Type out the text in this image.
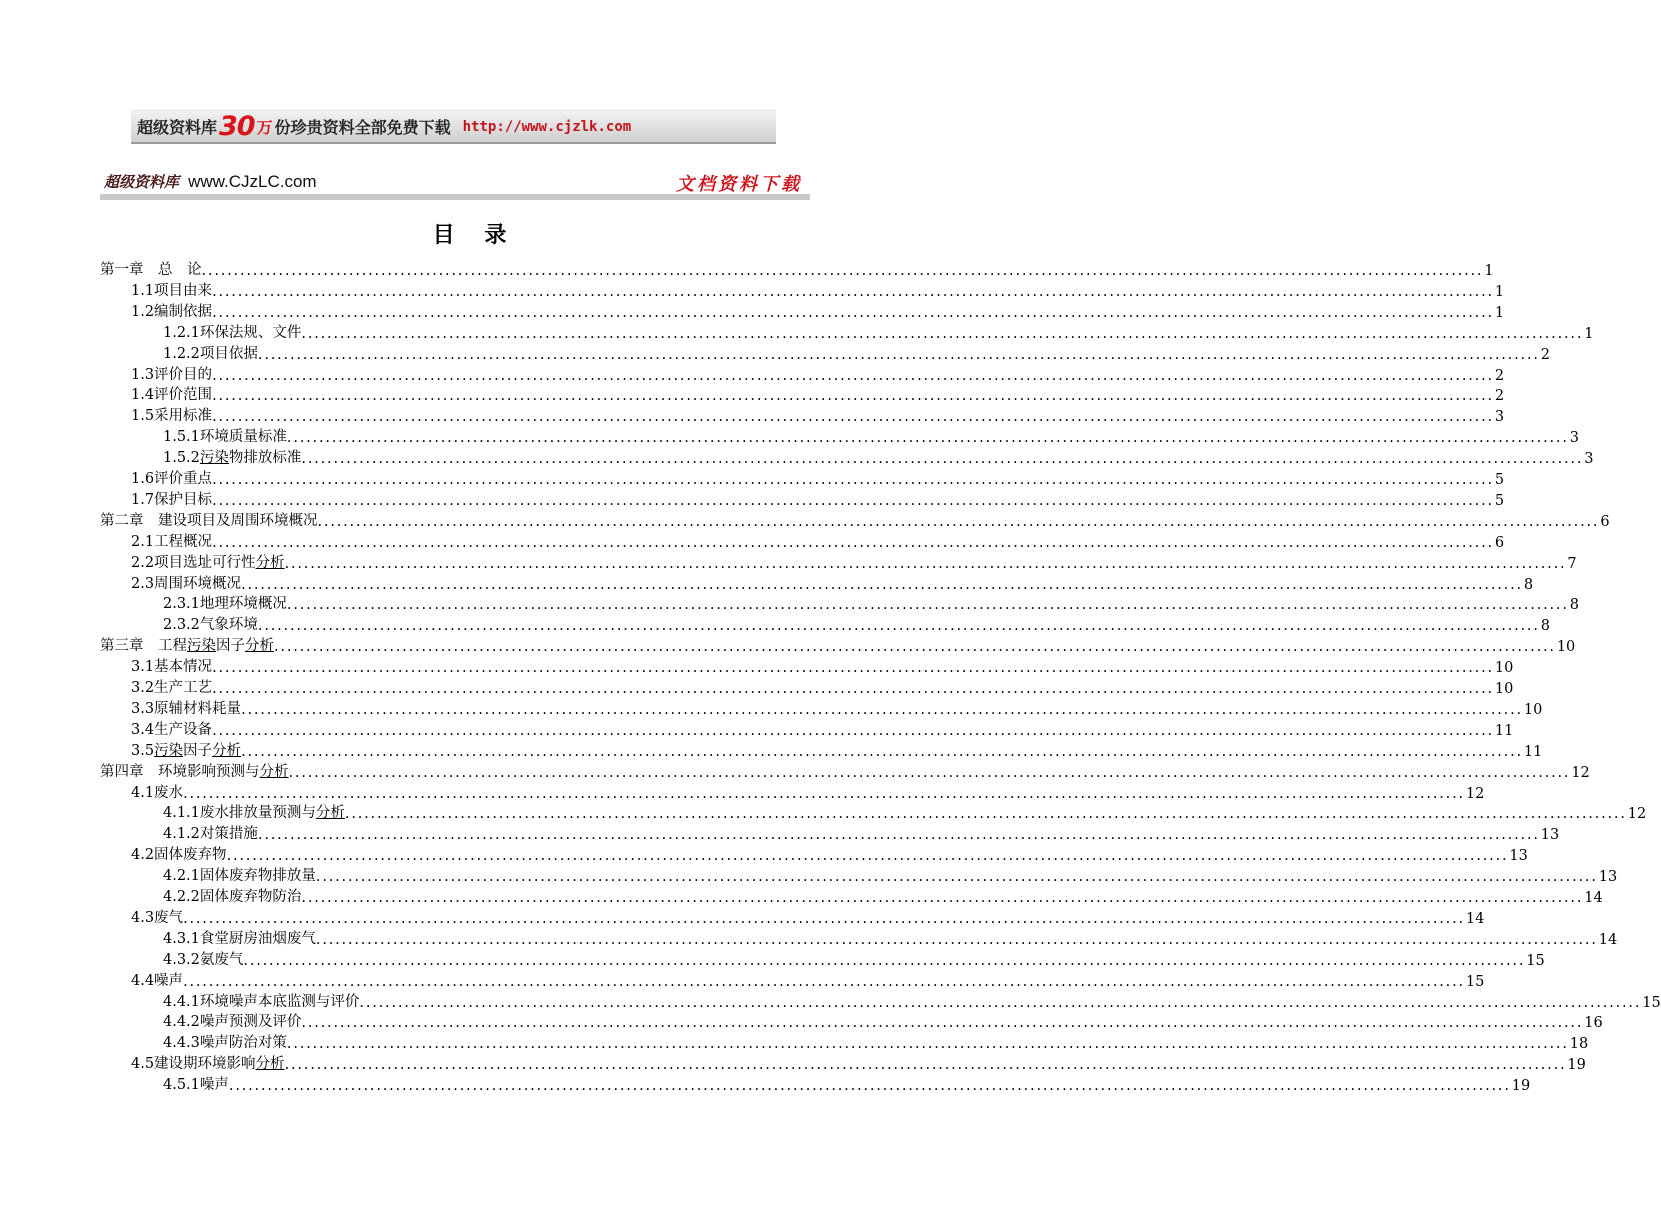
超级资料库 30 万 份珍贵资料全部免费下载 http://www.cjzlk.com
超级资料库 www.CJzLC.com	文档资料下载
目 录
第一章　总　论 ........................................................................................................................................................................................................ 1
1.1项目由来 ........................................................................................................................................................................................................ 1
1.2编制依据 ........................................................................................................................................................................................................ 1
1.2.1环保法规、文件 ........................................................................................................................................................................................................ 1
1.2.2项目依据 ........................................................................................................................................................................................................ 2
1.3评价目的 ........................................................................................................................................................................................................ 2
1.4评价范围 ........................................................................................................................................................................................................ 2
1.5采用标准 ........................................................................................................................................................................................................ 3
1.5.1环境质量标准 ........................................................................................................................................................................................................ 3
1.5.2污染物排放标准 ........................................................................................................................................................................................................ 3
1.6评价重点 ........................................................................................................................................................................................................ 5
1.7保护目标 ........................................................................................................................................................................................................ 5
第二章　建设项目及周围环境概况 ........................................................................................................................................................................................................ 6
2.1工程概况 ........................................................................................................................................................................................................ 6
2.2项目选址可行性分析 ........................................................................................................................................................................................................ 7
2.3周围环境概况 ........................................................................................................................................................................................................ 8
2.3.1地理环境概况 ........................................................................................................................................................................................................ 8
2.3.2气象环境 ........................................................................................................................................................................................................ 8
第三章　工程污染因子分析 ........................................................................................................................................................................................................ 10
3.1基本情况 ........................................................................................................................................................................................................ 10
3.2生产工艺 ........................................................................................................................................................................................................ 10
3.3原辅材料耗量 ........................................................................................................................................................................................................ 10
3.4生产设备 ........................................................................................................................................................................................................ 11
3.5污染因子分析 ........................................................................................................................................................................................................ 11
第四章　环境影响预测与分析 ........................................................................................................................................................................................................ 12
4.1废水 ........................................................................................................................................................................................................ 12
4.1.1废水排放量预测与分析 ........................................................................................................................................................................................................ 12
4.1.2对策措施 ........................................................................................................................................................................................................ 13
4.2固体废弃物 ........................................................................................................................................................................................................ 13
4.2.1固体废弃物排放量 ........................................................................................................................................................................................................ 13
4.2.2固体废弃物防治 ........................................................................................................................................................................................................ 14
4.3废气 ........................................................................................................................................................................................................ 14
4.3.1食堂厨房油烟废气 ........................................................................................................................................................................................................ 14
4.3.2氨废气 ........................................................................................................................................................................................................ 15
4.4噪声 ........................................................................................................................................................................................................ 15
4.4.1环境噪声本底监测与评价 ........................................................................................................................................................................................................ 15
4.4.2噪声预测及评价 ........................................................................................................................................................................................................ 16
4.4.3噪声防治对策 ........................................................................................................................................................................................................ 18
4.5建设期环境影响分析 ........................................................................................................................................................................................................ 19
4.5.1噪声 ........................................................................................................................................................................................................ 19
